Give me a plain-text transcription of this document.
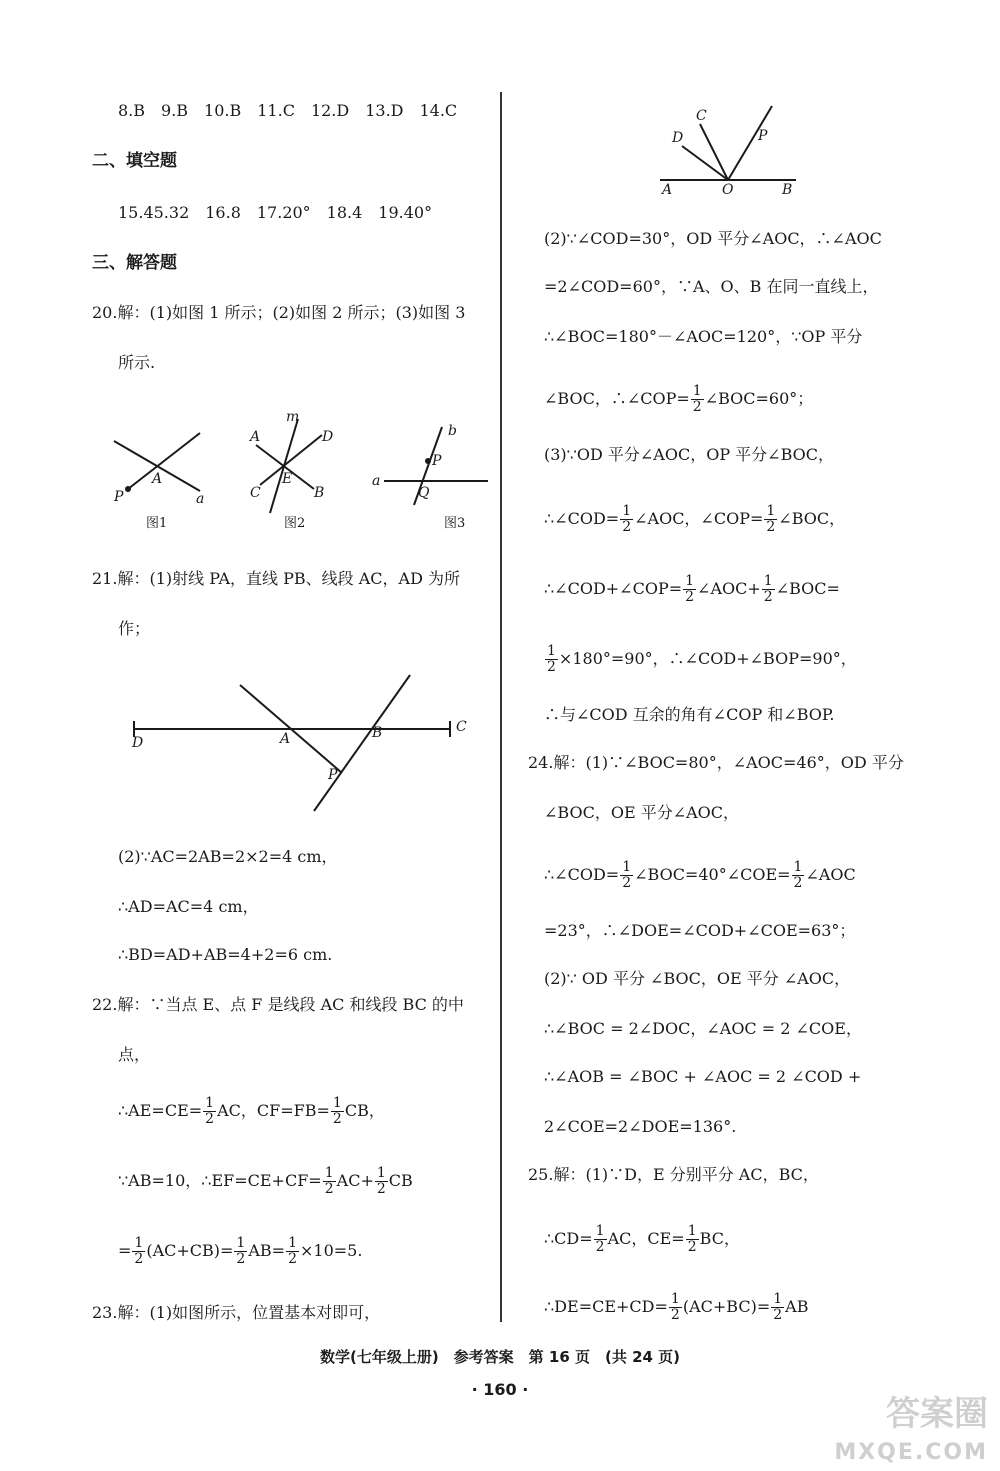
8.B　9.B　10.B　11.C　12.D　13.D　14.C
二、填空题
15.45.32　16.8　17.20°　18.4　19.40°
三、解答题
20.解：(1)如图 1 所示；(2)如图 2 所示；(3)如图 3
所示.
P
A
a
图1
m
A	D
C
E
B
图2
b
P
a
Q
图3
21.解：(1)射线 PA，直线 PB、线段 AC，AD 为所
作；
D	A	B	C
P
(2)∵AC=2AB=2×2=4 cm，
∴AD=AC=4 cm，
∴BD=AD+AB=4+2=6 cm.
22.解：∵当点 E、点 F 是线段 AC 和线段 BC 的中
点，
∴AE=CE= $\frac{1}{2}$ AC，$CF=FB= \frac{1}{2}$ CB，
∵AB=10，∴EF=CE+CF= $\frac{1}{2} AC+ \frac{1}{2}$ CB
= $\frac{1}{2} (AC+CB)= \frac{1}{2} AB= \frac{1}{2} \times 10=5$.
23.解：(1)如图所示，位置基本对即可，
C
D	P
A	O	B
(2)∵∠COD=30°，OD 平分∠AOC，∴∠AOC
=2∠COD=60°，∵A、O、B 在同一直线上，
∴∠BOC=180°－∠AOC=120°，∵OP 平分
∠BOC，∴∠COP= $\frac{1}{2}$ ∠BOC=60°；
(3)∵OD 平分∠AOC，OP 平分∠BOC，
∴∠COD= $\frac{1}{2}$ ∠AOC，∠COP= $\frac{1}{2}$ ∠BOC，
∴∠COD+∠COP= $\frac{1}{2}$ ∠AOC+ $\frac{1}{2}$ ∠BOC=
$\frac{1}{2} \times 180^\circ=90^\circ$，∴∠COD+∠BOP=90°，
∴与∠COD 互余的角有∠COP 和∠BOP.
24.解：(1)∵∠BOC=80°，∠AOC=46°，OD 平分
∠BOC，OE 平分∠AOC，
∴∠COD= $\frac{1}{2}$ ∠BOC=40°∠COE= $\frac{1}{2}$ ∠AOC
=23°，∴∠DOE=∠COD+∠COE=63°；
(2)∵ OD 平分 ∠BOC，OE 平分 ∠AOC，
∴∠BOC = 2∠DOC，∠AOC = 2 ∠COE，
∴∠AOB = ∠BOC + ∠AOC = 2 ∠COD +
2∠COE=2∠DOE=136°.
25.解：(1)∵D，E 分别平分 AC，BC，
∴CD= $\frac{1}{2}$ AC，$CE= \frac{1}{2}$ BC，
∴DE=CE+CD= $\frac{1}{2} (AC+BC)= \frac{1}{2}$ AB
数学(七年级上册)　参考答案　第 16 页　(共 24 页)
· 160 ·
答案圈
MXQE.COM
